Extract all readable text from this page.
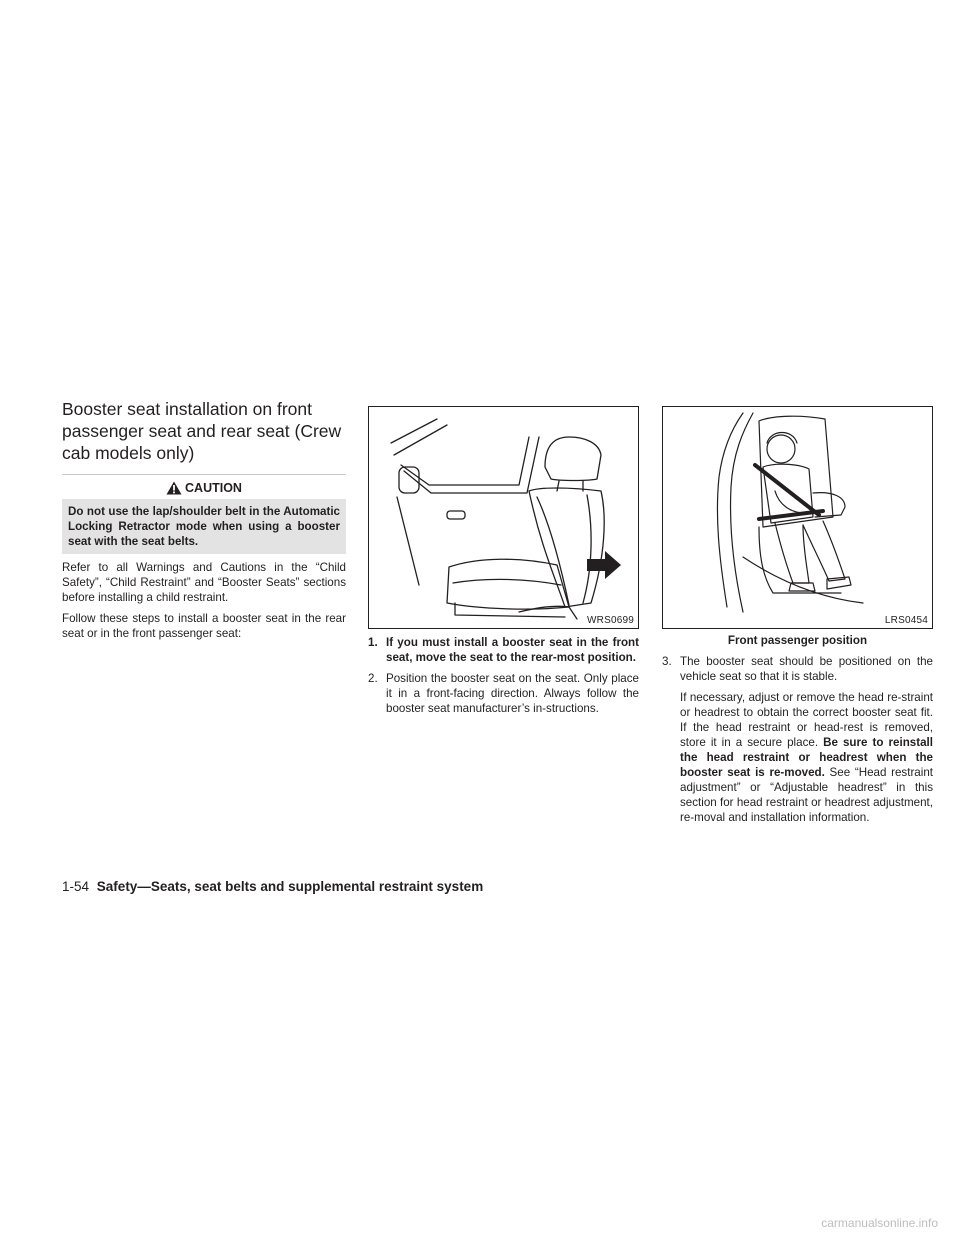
Booster seat installation on front
passenger seat and rear seat (Crew
cab models only)
CAUTION
Do not use the lap/shoulder belt in the Automatic Locking Retractor mode when using a booster seat with the seat belts.

Refer to all Warnings and Cautions in the “Child Safety”, “Child Restraint” and “Booster Seats” sections before installing a child restraint.

Follow these steps to install a booster seat in the rear seat or in the front passenger seat:

WRS0699
1. If you must install a booster seat in the front seat, move the seat to the rear-most position.
2. Position the booster seat on the seat. Only place it in a front-facing direction. Always follow the booster seat manufacturer’s in-structions.
LRS0454
Front passenger position
3. The booster seat should be positioned on the vehicle seat so that it is stable.
If necessary, adjust or remove the head re-straint or headrest to obtain the correct booster seat fit. If the head restraint or head-rest is removed, store it in a secure place. Be sure to reinstall the head restraint or headrest when the booster seat is re-moved. See “Head restraint adjustment” or “Adjustable headrest” in this section for head restraint or headrest adjustment, re-moval and installation information.
1-54 Safety—Seats, seat belts and supplemental restraint system
carmanualsonline.info
